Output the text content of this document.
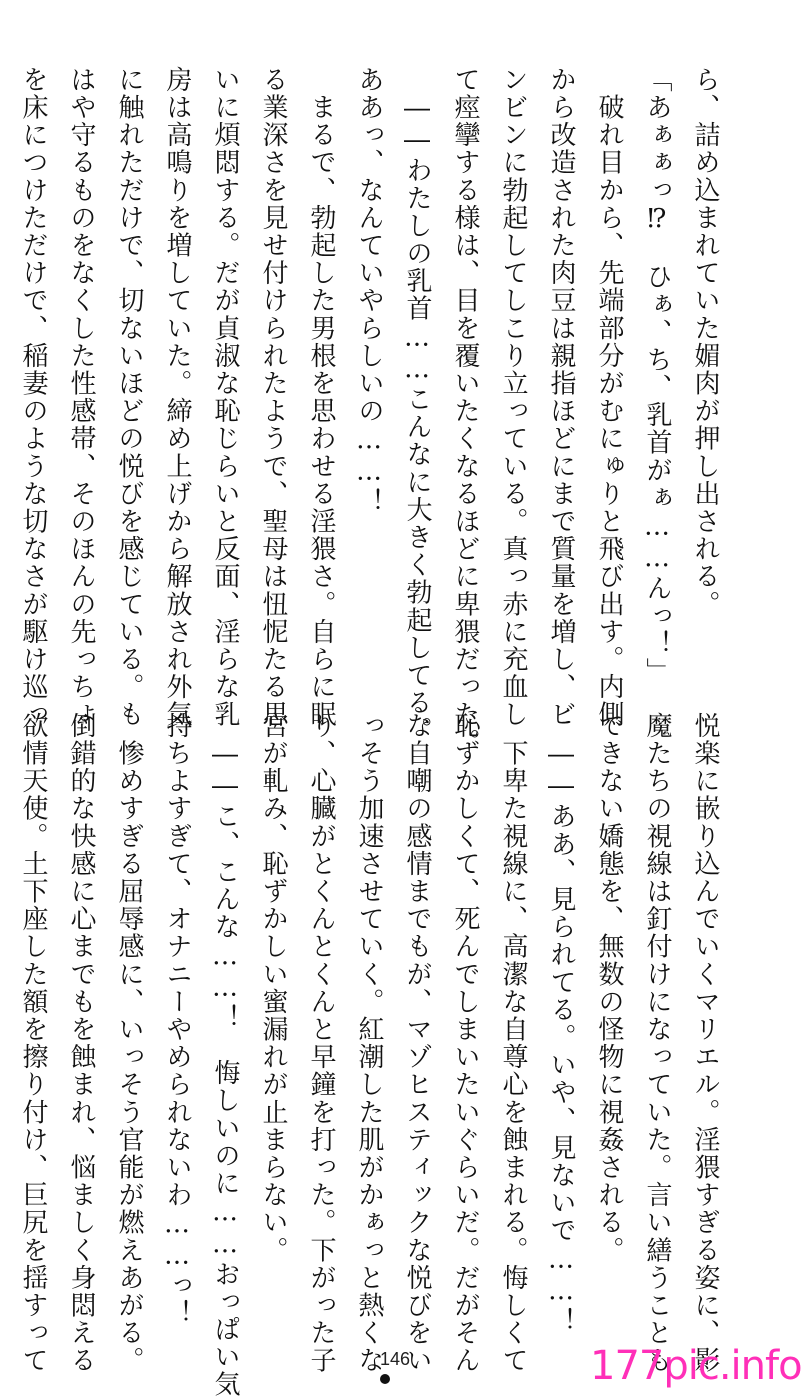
ら、詰め込まれていた媚肉が押し出される。
「あぁぁっ⁉︎　ひぁ、ち、乳首がぁ……んっ！」
　破れ目から、先端部分がむにゅりと飛び出す。内側
から改造された肉豆は親指ほどにまで質量を増し、ビ
ンビンに勃起してしこり立っている。真っ赤に充血し
て痙攣する様は、目を覆いたくなるほどに卑猥だった。
　――わたしの乳首……こんなに大きく勃起してる。
ああっ、なんていやらしいの……！
　まるで、勃起した男根を思わせる淫猥さ。自らに眠
る業深さを見せ付けられたようで、聖母は忸怩たる思
いに煩悶する。だが貞淑な恥じらいと反面、淫らな乳
房は高鳴りを増していた。締め上げから解放され外気
に触れただけで、切ないほどの悦びを感じている。も
はや守るものをなくした性感帯、そのほんの先っちょ
を床につけただけで、稲妻のような切なさが駆け巡っ
悦楽に嵌り込んでいくマリエル。淫猥すぎる姿に、影
魔たちの視線は釘付けになっていた。言い繕うことも
できない嬌態を、無数の怪物に視姦される。
　――ああ、見られてる。いや、見ないで……！
　下卑た視線に、高潔な自尊心を蝕まれる。悔しくて
恥ずかしくて、死んでしまいたいぐらいだ。だがそん
な自嘲の感情までもが、マゾヒスティックな悦びをい
っそう加速させていく。紅潮した肌がかぁっと熱くな
り、心臓がとくんとくんと早鐘を打った。下がった子
宮が軋み、恥ずかしい蜜漏れが止まらない。
　――こ、こんな……！　悔しいのに……おっぱい気
持ちよすぎて、オナニーやめられないわ……っ！
　惨めすぎる屈辱感に、いっそう官能が燃えあがる。
倒錯的な快感に心までもを蝕まれ、悩ましく身悶える
欲情天使。土下座した額を擦り付け、巨尻を揺すって	146	177pic.info
